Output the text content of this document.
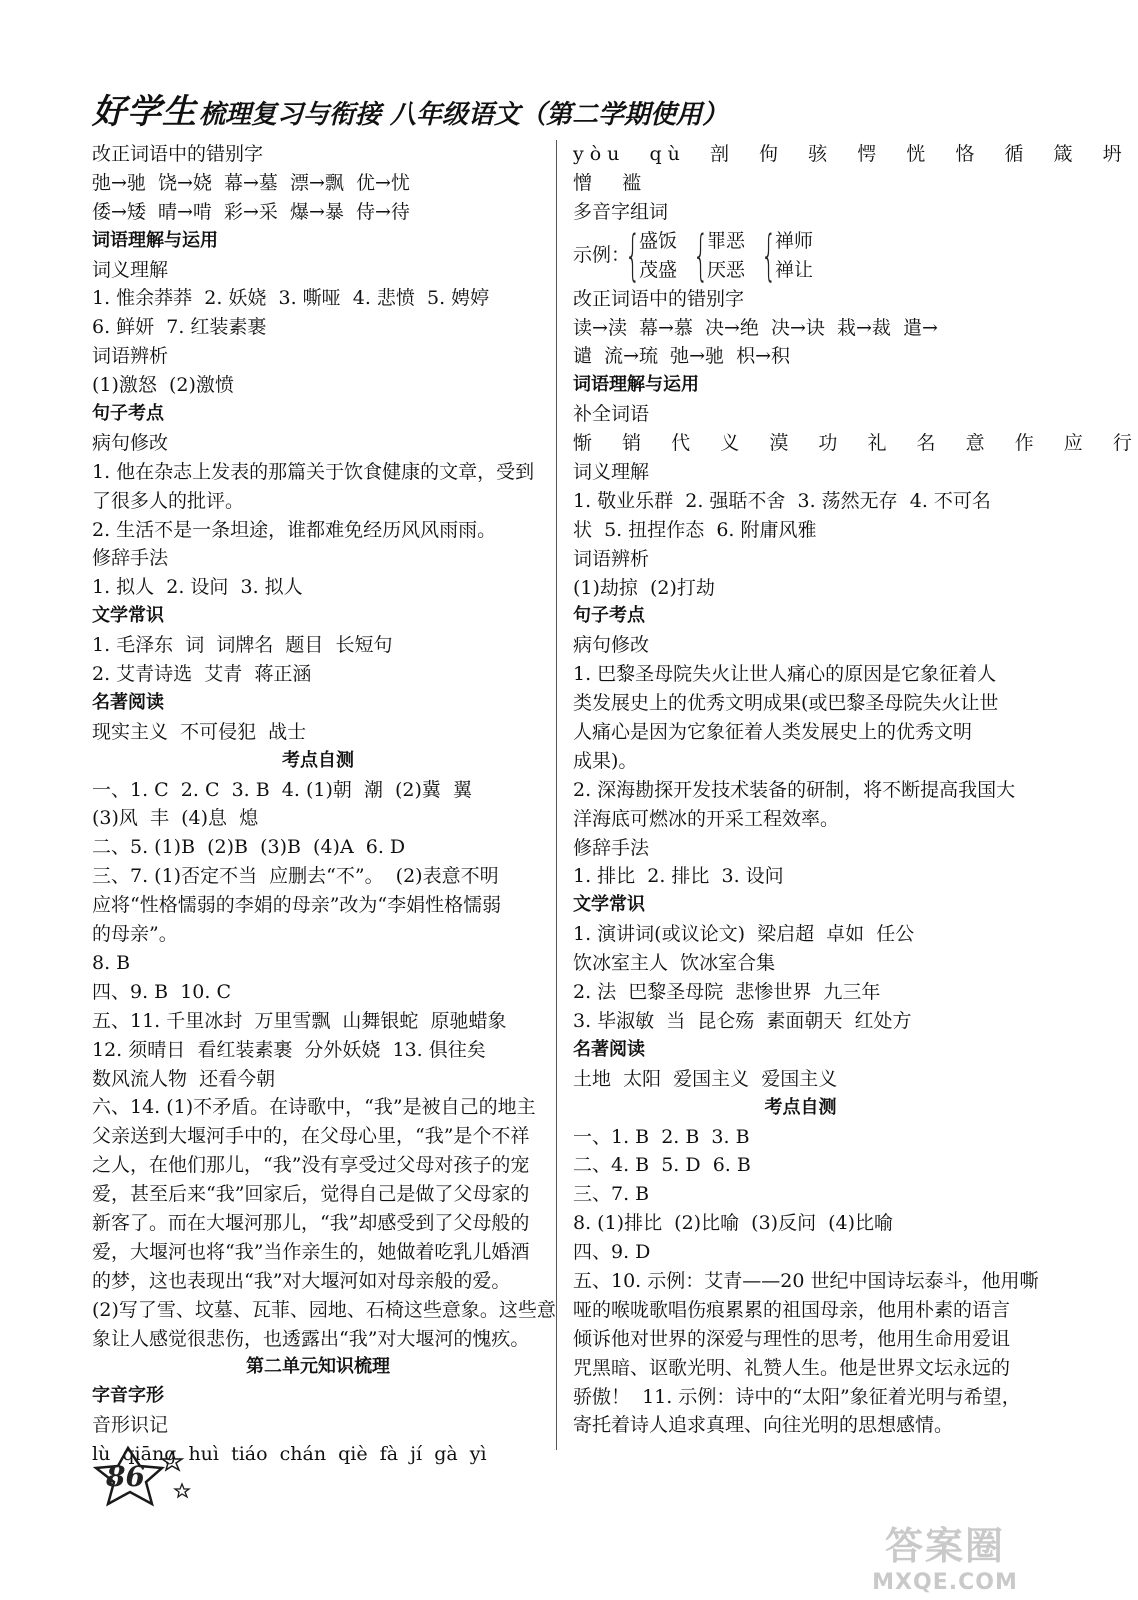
好学生梳理复习与衔接 八年级语文（第二学期使用）
改正词语中的错别字
弛→驰  饶→娆  幕→墓  漂→飘  优→忧
倭→矮  晴→啃  彩→采  爆→暴  侍→待
词语理解与运用
词义理解
1. 惟余莽莽  2. 妖娆  3. 嘶哑  4. 悲愤  5. 娉婷
6. 鲜妍  7. 红装素裹
词语辨析
(1)激怒  (2)激愤
句子考点
病句修改
1. 他在杂志上发表的那篇关于饮食健康的文章，受到
了很多人的批评。
2. 生活不是一条坦途，谁都难免经历风风雨雨。
修辞手法
1. 拟人  2. 设问  3. 拟人
文学常识
1. 毛泽东  词  词牌名  题目  长短句
2. 艾青诗选  艾青  蒋正涵
名著阅读
现实主义  不可侵犯  战士
考点自测
一、1. C  2. C  3. B  4. (1)朝  潮  (2)冀  翼
(3)风  丰  (4)息  熄
二、5. (1)B  (2)B  (3)B  (4)A  6. D
三、7. (1)否定不当  应删去“不”。  (2)表意不明
应将“性格懦弱的李娟的母亲”改为“李娟性格懦弱
的母亲”。
8. B
四、9. B  10. C
五、11. 千里冰封  万里雪飘  山舞银蛇  原驰蜡象
12. 须晴日  看红装素裹  分外妖娆  13. 俱往矣
数风流人物  还看今朝
六、14. (1)不矛盾。在诗歌中，“我”是被自己的地主
父亲送到大堰河手中的，在父母心里，“我”是个不祥
之人，在他们那儿，“我”没有享受过父母对孩子的宠
爱，甚至后来“我”回家后，觉得自己是做了父母家的
新客了。而在大堰河那儿，“我”却感受到了父母般的
爱，大堰河也将“我”当作亲生的，她做着吃乳儿婚酒
的梦，这也表现出“我”对大堰河如对母亲般的爱。
(2)写了雪、坟墓、瓦菲、园地、石椅这些意象。这些意
象让人感觉很悲伤，也透露出“我”对大堰河的愧疚。
第二单元知识梳理
字音字形
音形识记
lù  qiāng  huì  tiáo  chán  qiè  fà  jí  gà  yì
yòu  qù  剖  佝  骇  愕  恍  恪  循  箴  坍
憎  褴
多音字组词
示例：
{
盛饭
茂盛 {
罪恶
厌恶 {
禅师
禅让
改正词语中的错别字
读→渎  幕→慕  决→绝  决→诀  栽→裁  遣→
谴  流→琉  弛→驰  枳→积
词语理解与运用
补全词语
惭  销  代  义  漠  功  礼  名  意  作  应  行
词义理解
1. 敬业乐群  2. 强聒不舍  3. 荡然无存  4. 不可名
状  5. 扭捏作态  6. 附庸风雅
词语辨析
(1)劫掠  (2)打劫
句子考点
病句修改
1. 巴黎圣母院失火让世人痛心的原因是它象征着人
类发展史上的优秀文明成果(或巴黎圣母院失火让世
人痛心是因为它象征着人类发展史上的优秀文明
成果)。
2. 深海勘探开发技术装备的研制，将不断提高我国大
洋海底可燃冰的开采工程效率。
修辞手法
1. 排比  2. 排比  3. 设问
文学常识
1. 演讲词(或议论文)  梁启超  卓如  任公
饮冰室主人  饮冰室合集
2. 法  巴黎圣母院  悲惨世界  九三年
3. 毕淑敏  当  昆仑殇  素面朝天  红处方
名著阅读
土地  太阳  爱国主义  爱国主义
考点自测
一、1. B  2. B  3. B
二、4. B  5. D  6. B
三、7. B
8. (1)排比  (2)比喻  (3)反问  (4)比喻
四、9. D
五、10. 示例：艾青——20 世纪中国诗坛泰斗，他用嘶
哑的喉咙歌唱伤痕累累的祖国母亲，他用朴素的语言
倾诉他对世界的深爱与理性的思考，他用生命用爱诅
咒黑暗、讴歌光明、礼赞人生。他是世界文坛永远的
骄傲！  11. 示例：诗中的“太阳”象征着光明与希望，
寄托着诗人追求真理、向往光明的思想感情。
86
答案圈
MXQE.COM
